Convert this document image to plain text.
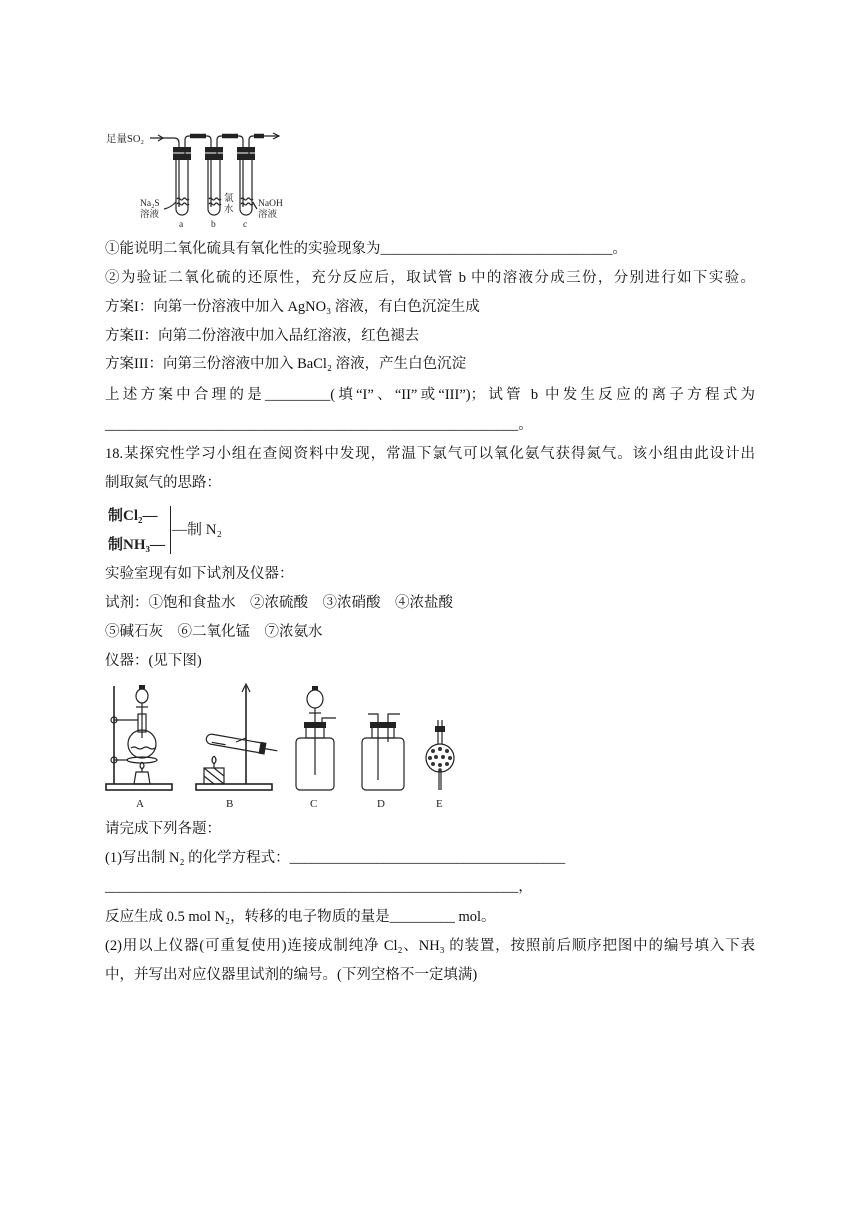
足量SO₂
Na₂S
溶液
氯
水
NaOH
溶液
a	b	c
①能说明二氧化硫具有氧化性的实验现象为________________________________。
②为验证二氧化硫的还原性，充分反应后，取试管 b 中的溶液分成三份，分别进行如下实验。
方案I：向第一份溶液中加入 AgNO₃ 溶液，有白色沉淀生成
方案II：向第二份溶液中加入品红溶液，红色褪去
方案III：向第三份溶液中加入 BaCl₂ 溶液，产生白色沉淀
上述方案中合理的是_________(填“I”、“II”或“III”)；试管 b 中发生反应的离子方程式为
_________________________________________________________。
18.某探究性学习小组在查阅资料中发现，常温下氯气可以氧化氨气获得氮气。该小组由此设计出
制取氮气的思路：
制Cl₂—
制NH₃—
—制 N₂
实验室现有如下试剂及仪器：
试剂：①饱和食盐水　②浓硫酸　③浓硝酸　④浓盐酸
⑤碱石灰　⑥二氧化锰　⑦浓氨水
仪器：(见下图)
A	B	C	D	E
请完成下列各题：
(1)写出制 N₂ 的化学方程式：______________________________________
_________________________________________________________，
反应生成 0.5 mol N₂，转移的电子物质的量是_________ mol。
(2)用以上仪器(可重复使用)连接成制纯净 Cl₂、NH₃ 的装置，按照前后顺序把图中的编号填入下表
中，并写出对应仪器里试剂的编号。(下列空格不一定填满)
